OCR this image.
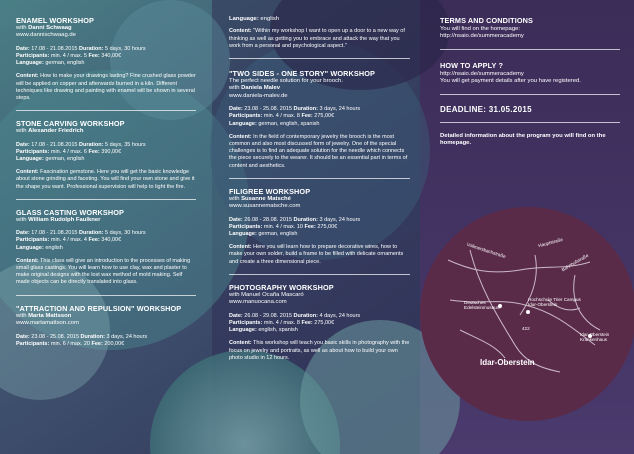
ENAMEL WORKSHOP
with Danni Schwaag
www.dannischwaag.de
Date: 17.08 - 21.08.2015 Duration: 5 days, 30 hours
Participants: min. 4 / max. 5 Fee: 340,00€
Language: german, english
Content: How to make your drawings lasting? Fine crushed glass powder will be applied on copper and afterwards burned in a kiln. Different techniques like drawing and painting with enamel will be shown in several steps.
STONE CARVING WORKSHOP
with Alexander Friedrich
Date: 17.08 - 21.08.2015 Duration: 5 days, 35 hours
Participants: min. 4 / max. 6 Fee: 390,00€
Language: german, english
Content: Fascination gemstone. Here you will get the basic knowledge about stone grinding and faceting. You will find your own stone and give it the shape you want. Professional supervision will help to light the fire.
GLASS CASTING WORKSHOP
with William Rudolph Faulkner
Date: 17.08 - 21.08.2015 Duration: 5 days, 30 hours
Participants: min. 4 / max. 4 Fee: 340,00€
Language: english
Content: This class will give an introduction to the processes of making small glass castings. You will learn how to use clay, wax and plaster to make original designs with the lost wax method of mold making. Self made objects can be directly translated into glass.
"ATTRACTION AND REPULSION" WORKSHOP
with Marta Mattsson
www.martamattson.com
Date: 23.08 - 25.08. 2015 Duration: 3 days, 24 hours
Participants: min. 6 / max. 20 Fee: 200,00€
Language: english
Content: "Within my workshop I want to open up a door to a new way of thinking as well as getting you to embrace and attack the way that you work from a personal and psychological aspect."
"TWO SIDES - ONE STORY" WORKSHOP
The perfect needle solution for your brooch.
with Daniela Malev
www.daniela-malev.de
Date: 23.08 - 25.08. 2015 Duration: 3 days, 24 hours
Participants: min. 4 / max. 8 Fee: 275,00€
Language: german, english, spanish
Content: In the field of contemporary jewelry the brooch is the most common and also most discussed form of jewelry. One of the special challenges is to find an adequate solution for the needle which connects the piece securely to the wearer. It should be an essential part in terms of content and aesthetics.
FILIGREE WORKSHOP
with Susanne Matsché
www.susannematsche.com
Date: 26.08 - 28.08. 2015 Duration: 3 days, 24 hours
Participants: min. 4 / max. 10 Fee: 275,00€
Language: german, english
Content: Here you will learn how to prepare decorative wires, how to make your own solder, build a frame to be filled with delicate ornaments and create a three dimensional piece.
PHOTOGRAPHY WORKSHOP
with Manuel Ocaña Mascaró
www.manuocana.com
Date: 26.08 - 29.08. 2015 Duration: 4 days, 24 hours
Participants: min. 4 / max. 8 Fee: 275,00€
Language: english, spanish
Content: This workshop will teach you basic skills in photography with the focus on jewelry and portraits, as well as about how to build your own photo studio in 12 hours.
TERMS AND CONDITIONS
You will find on the homepage:
http://nsaio.de/summeracademy
HOW TO APPLY ?
http://nsaio.de/summeracademy
You will get payment details after you have registered.
DEADLINE: 31.05.2015
Detailed information about the program you will find on the homepage.
Vollmersbachstraße	Hauptstraße
Bahnhofstraße
Deutsches Edelsteinmuseum
Hochschule Trier Campus Idar-Oberstein
422
Idar-Oberstein Krankenhaus
Idar-Oberstein
